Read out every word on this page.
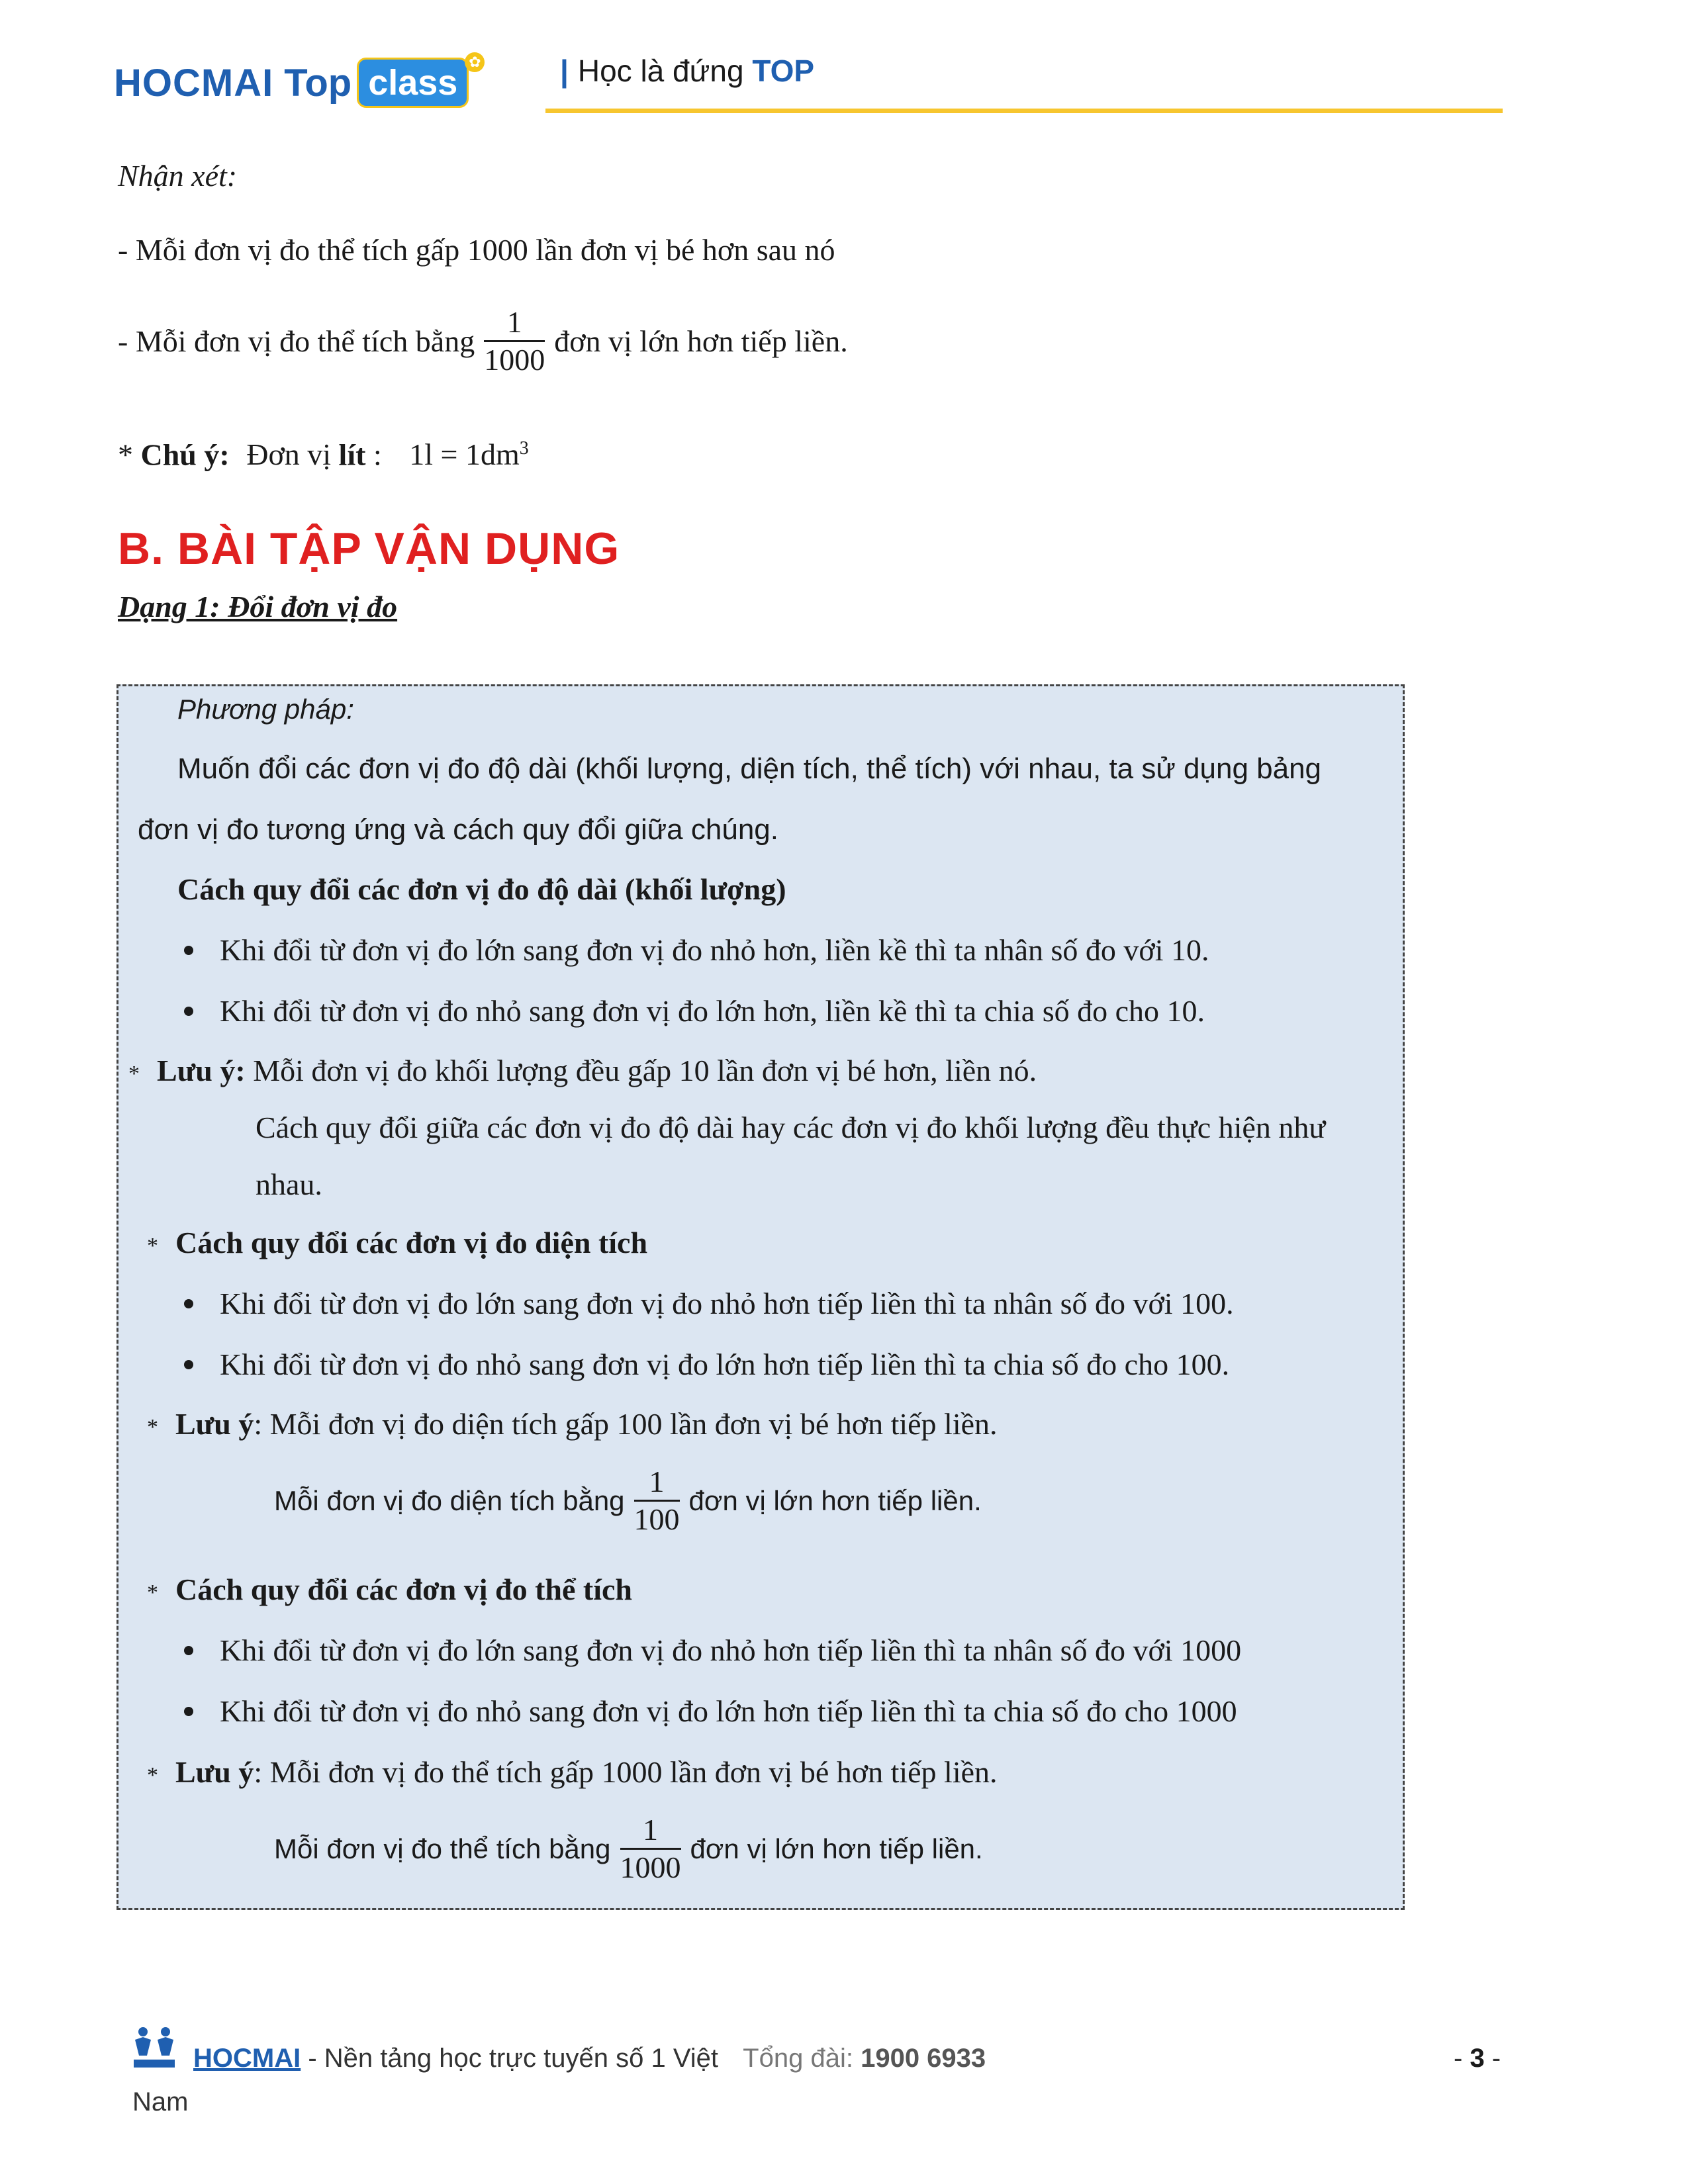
HOCMAI Top class
✿	| Học là đứng TOP
Nhận xét:
- Mỗi đơn vị đo thể tích gấp 1000 lần đơn vị bé hơn sau nó
- Mỗi đơn vị đo thể tích bằng $\frac{1}{1000}$ đơn vị lớn hơn tiếp liền.
* Chú ý: Đơn vị lít : $1l = 1dm^3$
B. BÀI TẬP VẬN DỤNG
Dạng 1: Đổi đơn vị đo
Phương pháp:
Muốn đổi các đơn vị đo độ dài (khối lượng, diện tích, thể tích) với nhau, ta sử dụng bảng
đơn vị đo tương ứng và cách quy đổi giữa chúng.
Cách quy đổi các đơn vị đo độ dài (khối lượng)
Khi đổi từ đơn vị đo lớn sang đơn vị đo nhỏ hơn, liền kề thì ta nhân số đo với 10.
Khi đổi từ đơn vị đo nhỏ sang đơn vị đo lớn hơn, liền kề thì ta chia số đo cho 10.
* Lưu ý: Mỗi đơn vị đo khối lượng đều gấp 10 lần đơn vị bé hơn, liền nó.
Cách quy đổi giữa các đơn vị đo độ dài hay các đơn vị đo khối lượng đều thực hiện như
nhau.
* Cách quy đổi các đơn vị đo diện tích
Khi đổi từ đơn vị đo lớn sang đơn vị đo nhỏ hơn tiếp liền thì ta nhân số đo với 100.
Khi đổi từ đơn vị đo nhỏ sang đơn vị đo lớn hơn tiếp liền thì ta chia số đo cho 100.
* Lưu ý: Mỗi đơn vị đo diện tích gấp 100 lần đơn vị bé hơn tiếp liền.
Mỗi đơn vị đo diện tích bằng $\frac{1}{100}$ đơn vị lớn hơn tiếp liền.
* Cách quy đổi các đơn vị đo thể tích
Khi đổi từ đơn vị đo lớn sang đơn vị đo nhỏ hơn tiếp liền thì ta nhân số đo với 1000
Khi đổi từ đơn vị đo nhỏ sang đơn vị đo lớn hơn tiếp liền thì ta chia số đo cho 1000
* Lưu ý: Mỗi đơn vị đo thể tích gấp 1000 lần đơn vị bé hơn tiếp liền.
Mỗi đơn vị đo thể tích bằng $\frac{1}{1000}$ đơn vị lớn hơn tiếp liền.
HOCMAI - Nền tảng học trực tuyến số 1 Việt Tổng đài: 1900 6933	- 3 -
Nam
